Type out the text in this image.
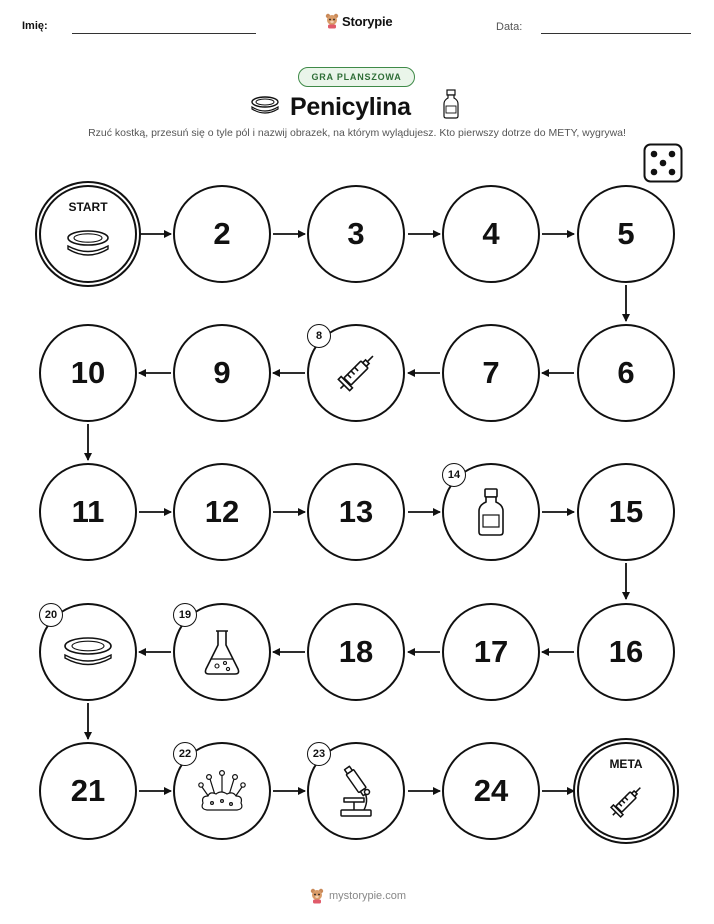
Imię:	Storypie	Data:
GRA PLANSZOWA
Penicylina
Rzuć kostką, przesuń się o tyle pól i nazwij obrazek, na którym wylądujesz. Kto pierwszy dotrze do METY, wygrywa!
START
2	3	4	5
6
7
8
9
10
11	12	13
14
15
16
17
18
19
20
21
22	23
24
META
mystorypie.com
